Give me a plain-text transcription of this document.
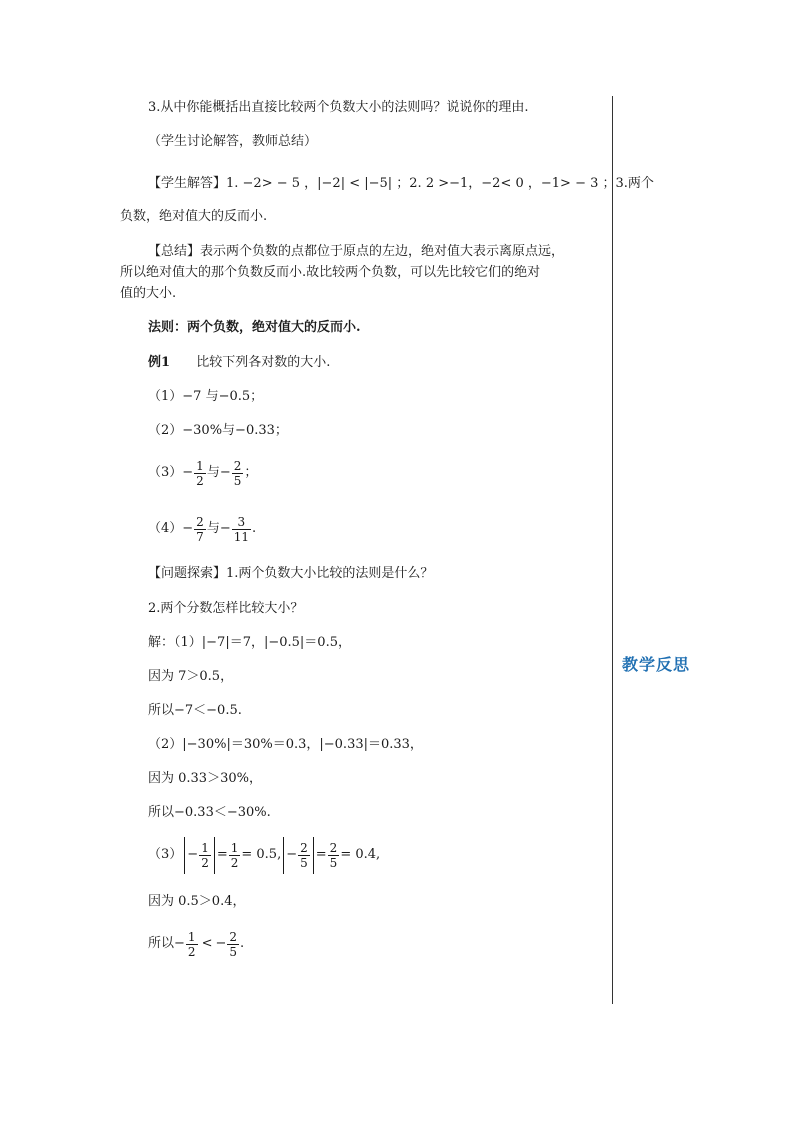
教学反思
3.从中你能概括出直接比较两个负数大小的法则吗？说说你的理由.
（学生讨论解答，教师总结）
【学生解答】1. −2> − 5 ，|−2| < |−5| ；2. 2 >−1，−2< 0 ，−1> − 3 ；3.两个
负数，绝对值大的反而小.
【总结】表示两个负数的点都位于原点的左边，绝对值大表示离原点远，
所以绝对值大的那个负数反而小.故比较两个负数，可以先比较它们的绝对
值的大小.
法则：两个负数，绝对值大的反而小.
例1 比较下列各对数的大小.
（1）−7 与−0.5；
（2）−30%与−0.33；
$(3)- \frac{1}{2}$ 与− $\frac{2}{5}$ ；
$(4)- \frac{2}{7}$ 与− $\frac{3}{11}$ .
【问题探索】1.两个负数大小比较的法则是什么？
2.两个分数怎样比较大小？
解：（1）|−7|＝7，|−0.5|＝0.5，
因为 7＞0.5，
所以−7＜−0.5.
（2）|−30%|＝30%＝0.3，|−0.33|＝0.33，
因为 0.33＞30%，
所以−0.33＜−30%.
$(3) - \frac{1}{2} = \frac{1}{2} = 0.5$, − $\frac{2}{5} = \frac{2}{5} = 0.4$,
因为 0.5＞0.4，
所以− $\frac{1}{2}$ < − $\frac{2}{5}$ .
